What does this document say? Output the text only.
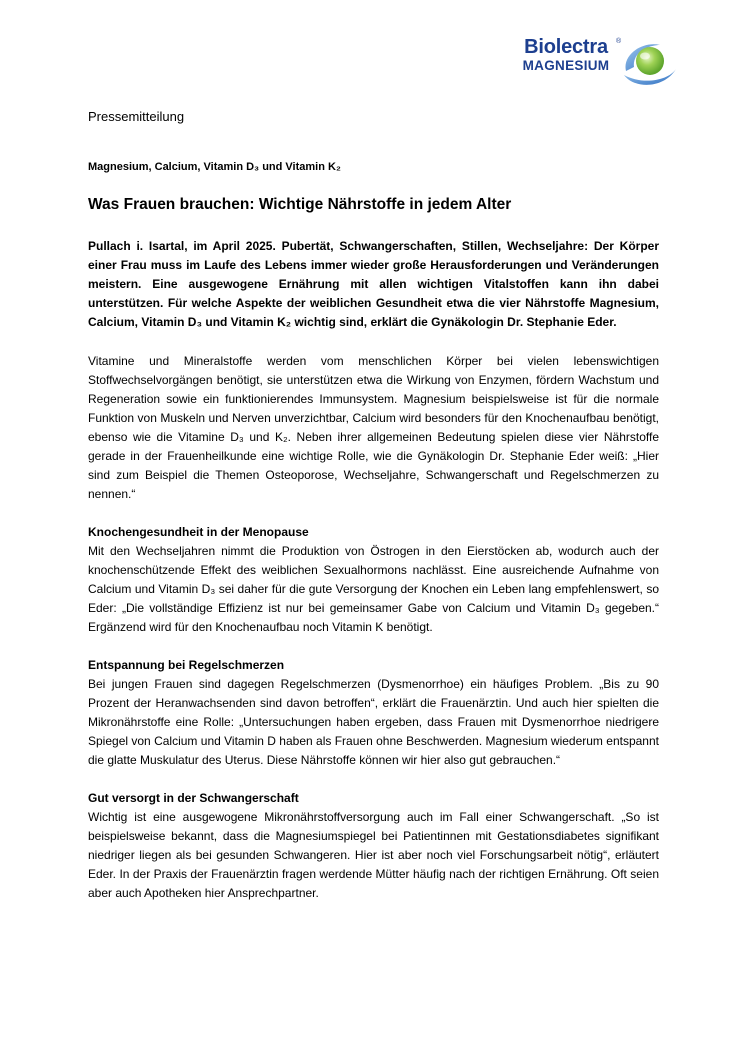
Biolectra
MAGNESIUM
®

Pressemitteilung

Magnesium, Calcium, Vitamin D₃ und Vitamin K₂

Was Frauen brauchen: Wichtige Nährstoffe in jedem Alter

Pullach i. Isartal, im April 2025. Pubertät, Schwangerschaften, Stillen, Wechseljahre: Der Körper einer Frau muss im Laufe des Lebens immer wieder große Herausforderungen und Veränderungen meistern. Eine ausgewogene Ernährung mit allen wichtigen Vitalstoffen kann ihn dabei unterstützen. Für welche Aspekte der weiblichen Gesundheit etwa die vier Nährstoffe Magnesium, Calcium, Vitamin D₃ und Vitamin K₂ wichtig sind, erklärt die Gynäkologin Dr. Stephanie Eder.

Vitamine und Mineralstoffe werden vom menschlichen Körper bei vielen lebenswichtigen Stoffwechselvorgängen benötigt, sie unterstützen etwa die Wirkung von Enzymen, fördern Wachstum und Regeneration sowie ein funktionierendes Immunsystem. Magnesium beispielsweise ist für die normale Funktion von Muskeln und Nerven unverzichtbar, Calcium wird besonders für den Knochenaufbau benötigt, ebenso wie die Vitamine D₃ und K₂. Neben ihrer allgemeinen Bedeutung spielen diese vier Nährstoffe gerade in der Frauenheilkunde eine wichtige Rolle, wie die Gynäkologin Dr. Stephanie Eder weiß: „Hier sind zum Beispiel die Themen Osteoporose, Wechseljahre, Schwangerschaft und Regelschmerzen zu nennen.“

Knochengesundheit in der Menopause

Mit den Wechseljahren nimmt die Produktion von Östrogen in den Eierstöcken ab, wodurch auch der knochenschützende Effekt des weiblichen Sexualhormons nachlässt. Eine ausreichende Aufnahme von Calcium und Vitamin D₃ sei daher für die gute Versorgung der Knochen ein Leben lang empfehlenswert, so Eder: „Die vollständige Effizienz ist nur bei gemeinsamer Gabe von Calcium und Vitamin D₃ gegeben.“ Ergänzend wird für den Knochenaufbau noch Vitamin K benötigt.

Entspannung bei Regelschmerzen

Bei jungen Frauen sind dagegen Regelschmerzen (Dysmenorrhoe) ein häufiges Problem. „Bis zu 90 Prozent der Heranwachsenden sind davon betroffen“, erklärt die Frauenärztin. Und auch hier spielten die Mikronährstoffe eine Rolle: „Untersuchungen haben ergeben, dass Frauen mit Dysmenorrhoe niedrigere Spiegel von Calcium und Vitamin D haben als Frauen ohne Beschwerden. Magnesium wiederum entspannt die glatte Muskulatur des Uterus. Diese Nährstoffe können wir hier also gut gebrauchen.“

Gut versorgt in der Schwangerschaft

Wichtig ist eine ausgewogene Mikronährstoffversorgung auch im Fall einer Schwangerschaft. „So ist beispielsweise bekannt, dass die Magnesiumspiegel bei Patientinnen mit Gestationsdiabetes signifikant niedriger liegen als bei gesunden Schwangeren. Hier ist aber noch viel Forschungsarbeit nötig“, erläutert Eder. In der Praxis der Frauenärztin fragen werdende Mütter häufig nach der richtigen Ernährung. Oft seien aber auch Apotheken hier Ansprechpartner.
